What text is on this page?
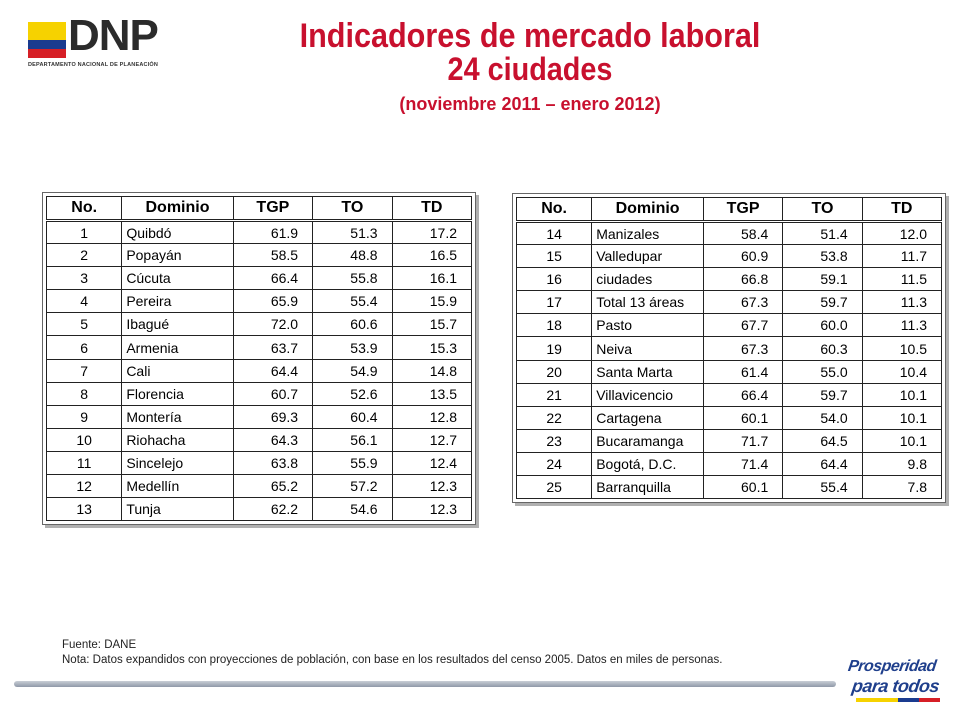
DNP
DEPARTAMENTO NACIONAL DE PLANEACIÓN
Indicadores de mercado laboral
24 ciudades
(noviembre 2011 – enero 2012)
No.	Dominio	TGP	TO	TD
1	Quibdó	61.9	51.3	17.2
2	Popayán	58.5	48.8	16.5
3	Cúcuta	66.4	55.8	16.1
4	Pereira	65.9	55.4	15.9
5	Ibagué	72.0	60.6	15.7
6	Armenia	63.7	53.9	15.3
7	Cali	64.4	54.9	14.8
8	Florencia	60.7	52.6	13.5
9	Montería	69.3	60.4	12.8
10	Riohacha	64.3	56.1	12.7
11	Sincelejo	63.8	55.9	12.4
12	Medellín	65.2	57.2	12.3
13	Tunja	62.2	54.6	12.3
No.	Dominio	TGP	TO	TD
14	Manizales	58.4	51.4	12.0
15	Valledupar	60.9	53.8	11.7
16	ciudades	66.8	59.1	11.5
17	Total 13 áreas	67.3	59.7	11.3
18	Pasto	67.7	60.0	11.3
19	Neiva	67.3	60.3	10.5
20	Santa Marta	61.4	55.0	10.4
21	Villavicencio	66.4	59.7	10.1
22	Cartagena	60.1	54.0	10.1
23	Bucaramanga	71.7	64.5	10.1
24	Bogotá, D.C.	71.4	64.4	9.8
25	Barranquilla	60.1	55.4	7.8
Fuente: DANE
Nota: Datos expandidos con proyecciones de población, con base en los resultados del censo 2005. Datos en miles de personas.	Prosperidad
para todos
